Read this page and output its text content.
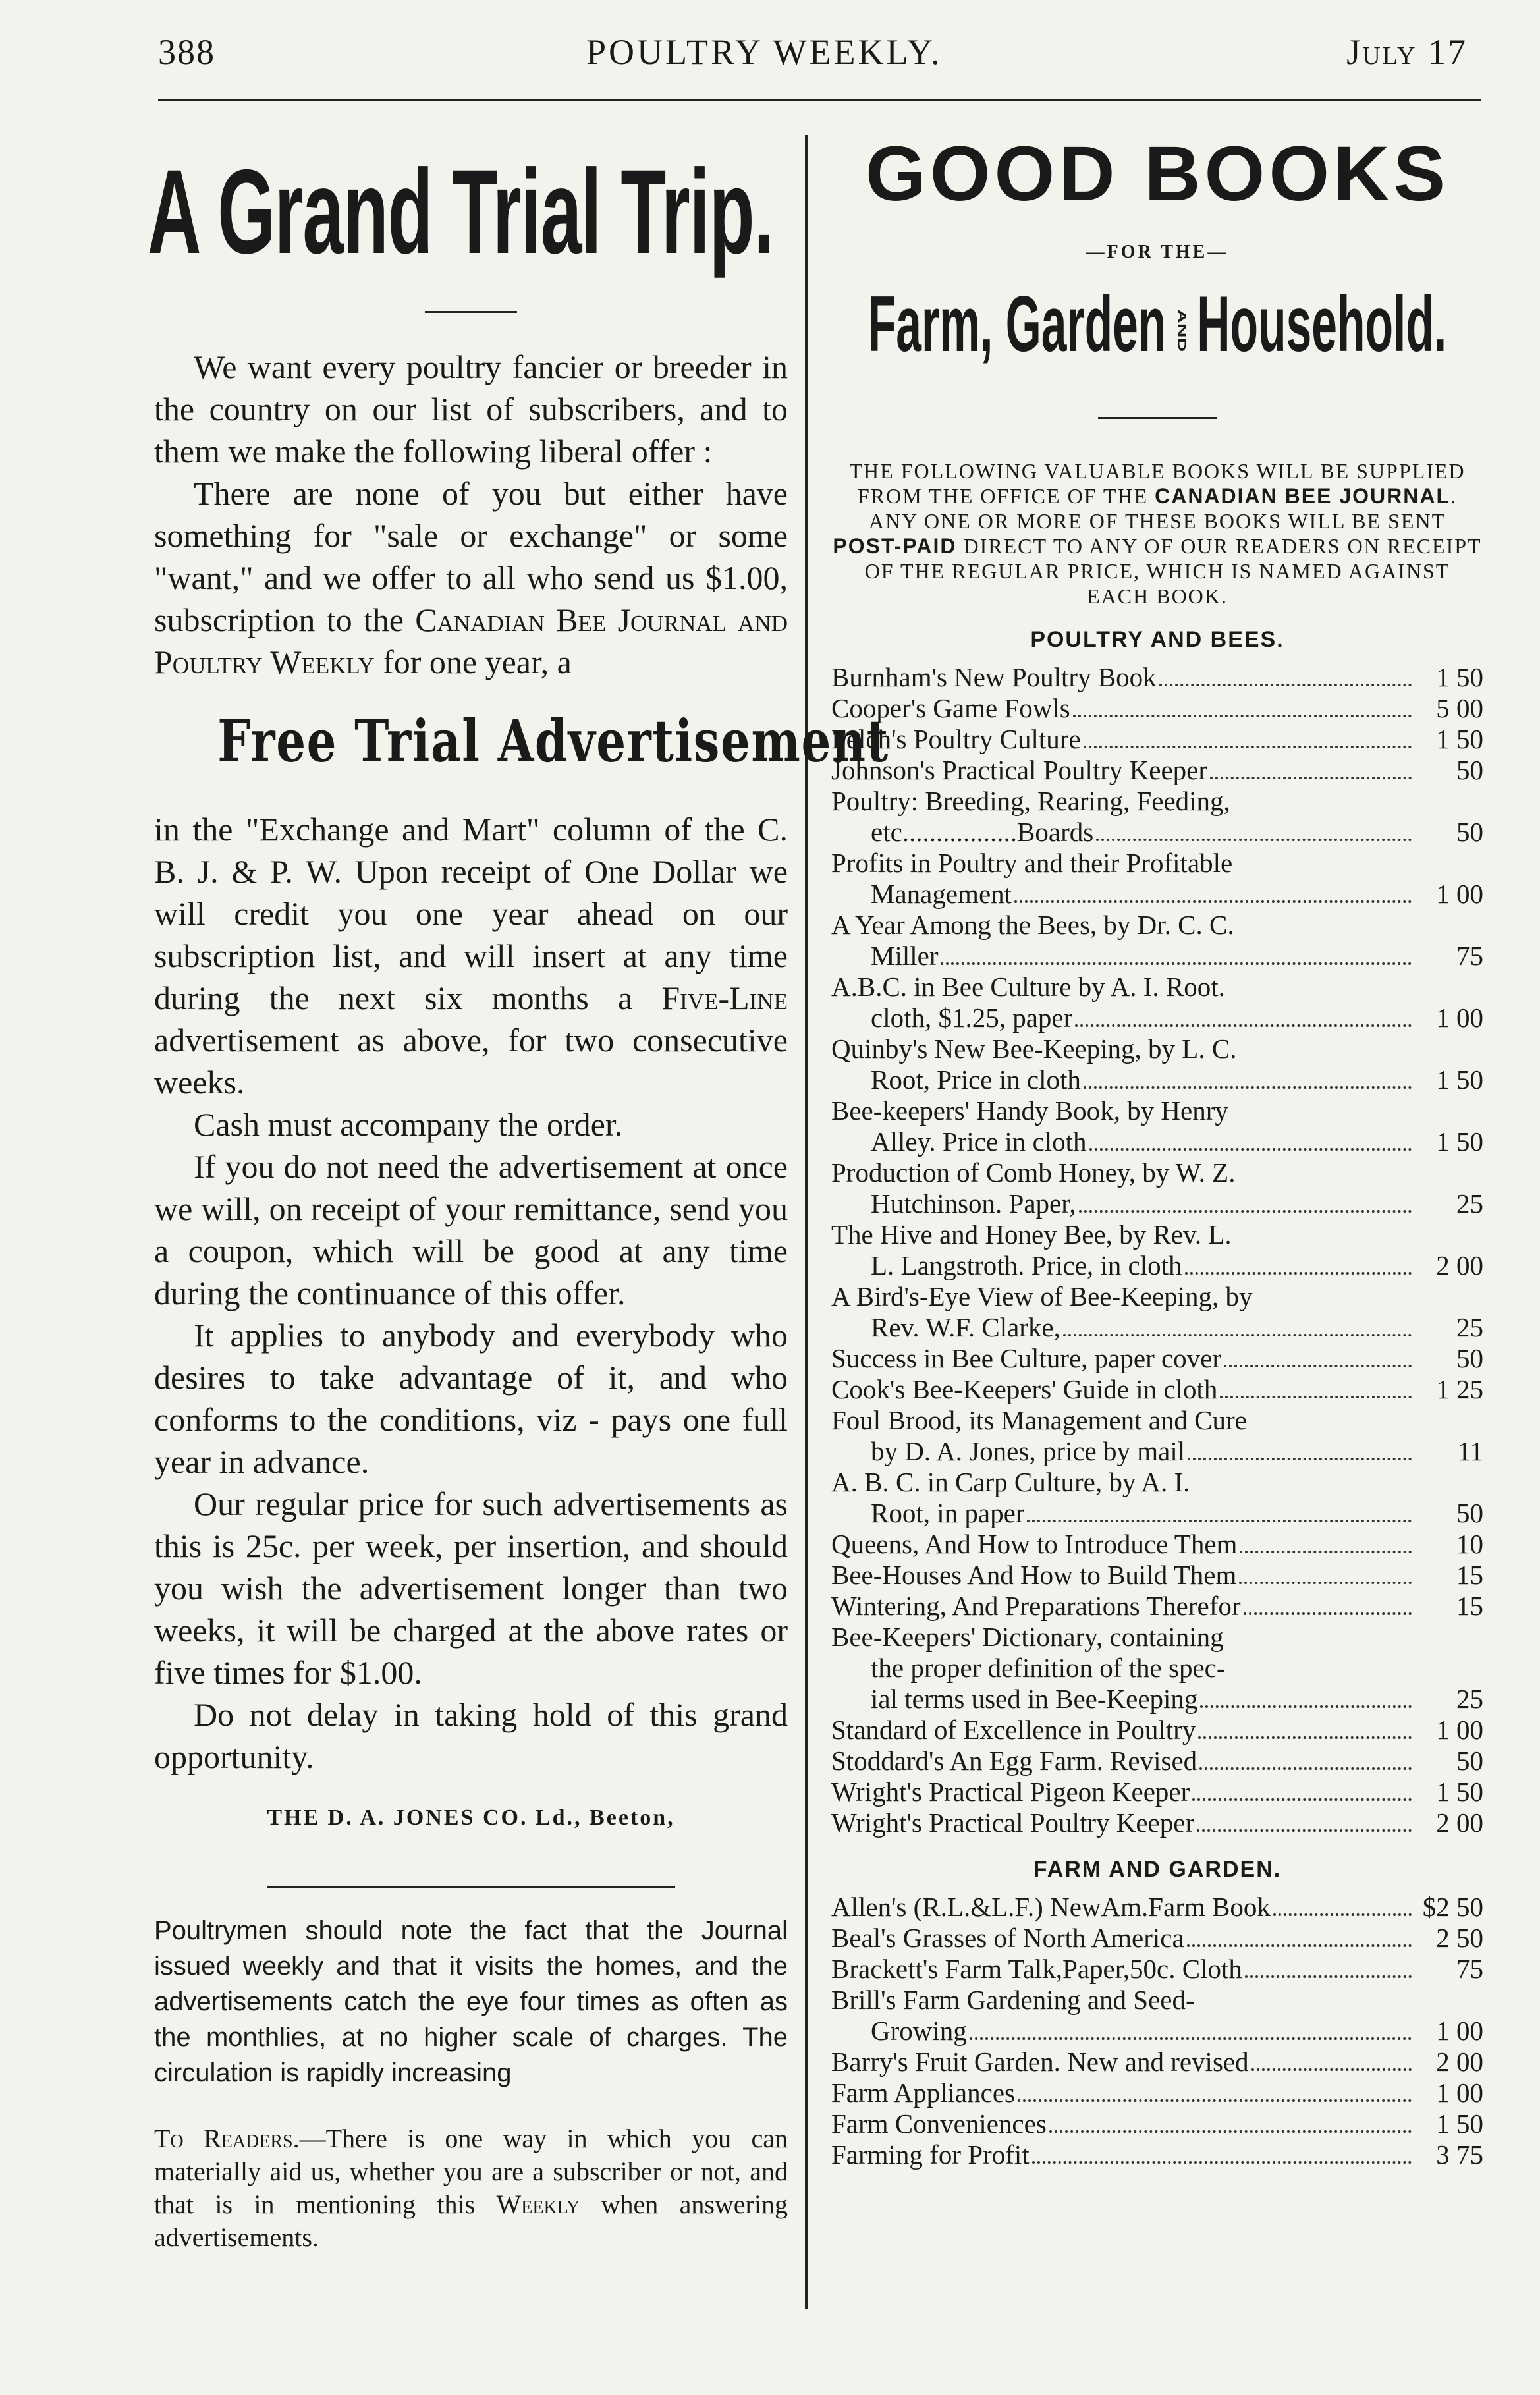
388	POULTRY WEEKLY.	July 17
A Grand Trial Trip.

We want every poultry fancier or breeder in the country on our list of subscribers, and to them we make the following liberal offer :

There are none of you but either have something for "sale or exchange" or some "want," and we offer to all who send us $1.00, subscription to the Canadian Bee Journal and Poultry Weekly for one year, a

Free Trial Advertisement

in the "Exchange and Mart" column of the C. B. J. & P. W. Upon receipt of One Dollar we will credit you one year ahead on our subscription list, and will insert at any time during the next six months a Five-Line advertisement as above, for two consecutive weeks.

Cash must accompany the order.

If you do not need the advertisement at once we will, on receipt of your remittance, send you a coupon, which will be good at any time during the continuance of this offer.

It applies to anybody and everybody who desires to take advantage of it, and who conforms to the conditions, viz - pays one full year in advance.

Our regular price for such advertisements as this is 25c. per week, per insertion, and should you wish the advertisement longer than two weeks, it will be charged at the above rates or five times for $1.00.

Do not delay in taking hold of this grand opportunity.

THE D. A. JONES CO. Ld., Beeton,
Poultrymen should note the fact that the Journal issued weekly and that it visits the homes, and the advertisements catch the eye four times as often as the monthlies, at no higher scale of charges. The circulation is rapidly increasing
To Readers.—There is one way in which you can materially aid us, whether you are a subscriber or not, and that is in mentioning this Weekly when answering advertisements.
GOOD BOOKS
—FOR THE—
Farm, Garden AND Household.
THE FOLLOWING VALUABLE BOOKS WILL BE SUPPLIED FROM THE OFFICE OF THE CANADIAN BEE JOURNAL. ANY ONE OR MORE OF THESE BOOKS WILL BE SENT POST-PAID DIRECT TO ANY OF OUR READERS ON RECEIPT OF THE REGULAR PRICE, WHICH IS NAMED AGAINST EACH BOOK.
POULTRY AND BEES.
Burnham's New Poultry Book	1 50
Cooper's Game Fowls	5 00
Felch's Poultry Culture	1 50
Johnson's Practical Poultry Keeper	50
Poultry: Breeding, Rearing, Feeding,
etc.................Boards	50
Profits in Poultry and their Profitable
Management	1 00
A Year Among the Bees, by Dr. C. C.
Miller	75
A.B.C. in Bee Culture by A. I. Root.
cloth, $1.25, paper	1 00
Quinby's New Bee-Keeping, by L. C.
Root, Price in cloth	1 50
Bee-keepers' Handy Book, by Henry
Alley. Price in cloth	1 50
Production of Comb Honey, by W. Z.
Hutchinson. Paper,	25
The Hive and Honey Bee, by Rev. L.
L. Langstroth. Price, in cloth	2 00
A Bird's-Eye View of Bee-Keeping, by
Rev. W.F. Clarke,	25
Success in Bee Culture, paper cover	50
Cook's Bee-Keepers' Guide in cloth	1 25
Foul Brood, its Management and Cure
by D. A. Jones, price by mail	11
A. B. C. in Carp Culture, by A. I.
Root, in paper	50
Queens, And How to Introduce Them	10
Bee-Houses And How to Build Them	15
Wintering, And Preparations Therefor	15
Bee-Keepers' Dictionary, containing
the proper definition of the spec-
ial terms used in Bee-Keeping	25
Standard of Excellence in Poultry	1 00
Stoddard's An Egg Farm. Revised	50
Wright's Practical Pigeon Keeper	1 50
Wright's Practical Poultry Keeper	2 00
FARM AND GARDEN.
Allen's (R.L.&L.F.) NewAm.Farm Book	$2 50
Beal's Grasses of North America	2 50
Brackett's Farm Talk,Paper,50c. Cloth	75
Brill's Farm Gardening and Seed-
Growing	1 00
Barry's Fruit Garden. New and revised	2 00
Farm Appliances	1 00
Farm Conveniences	1 50
Farming for Profit	3 75
